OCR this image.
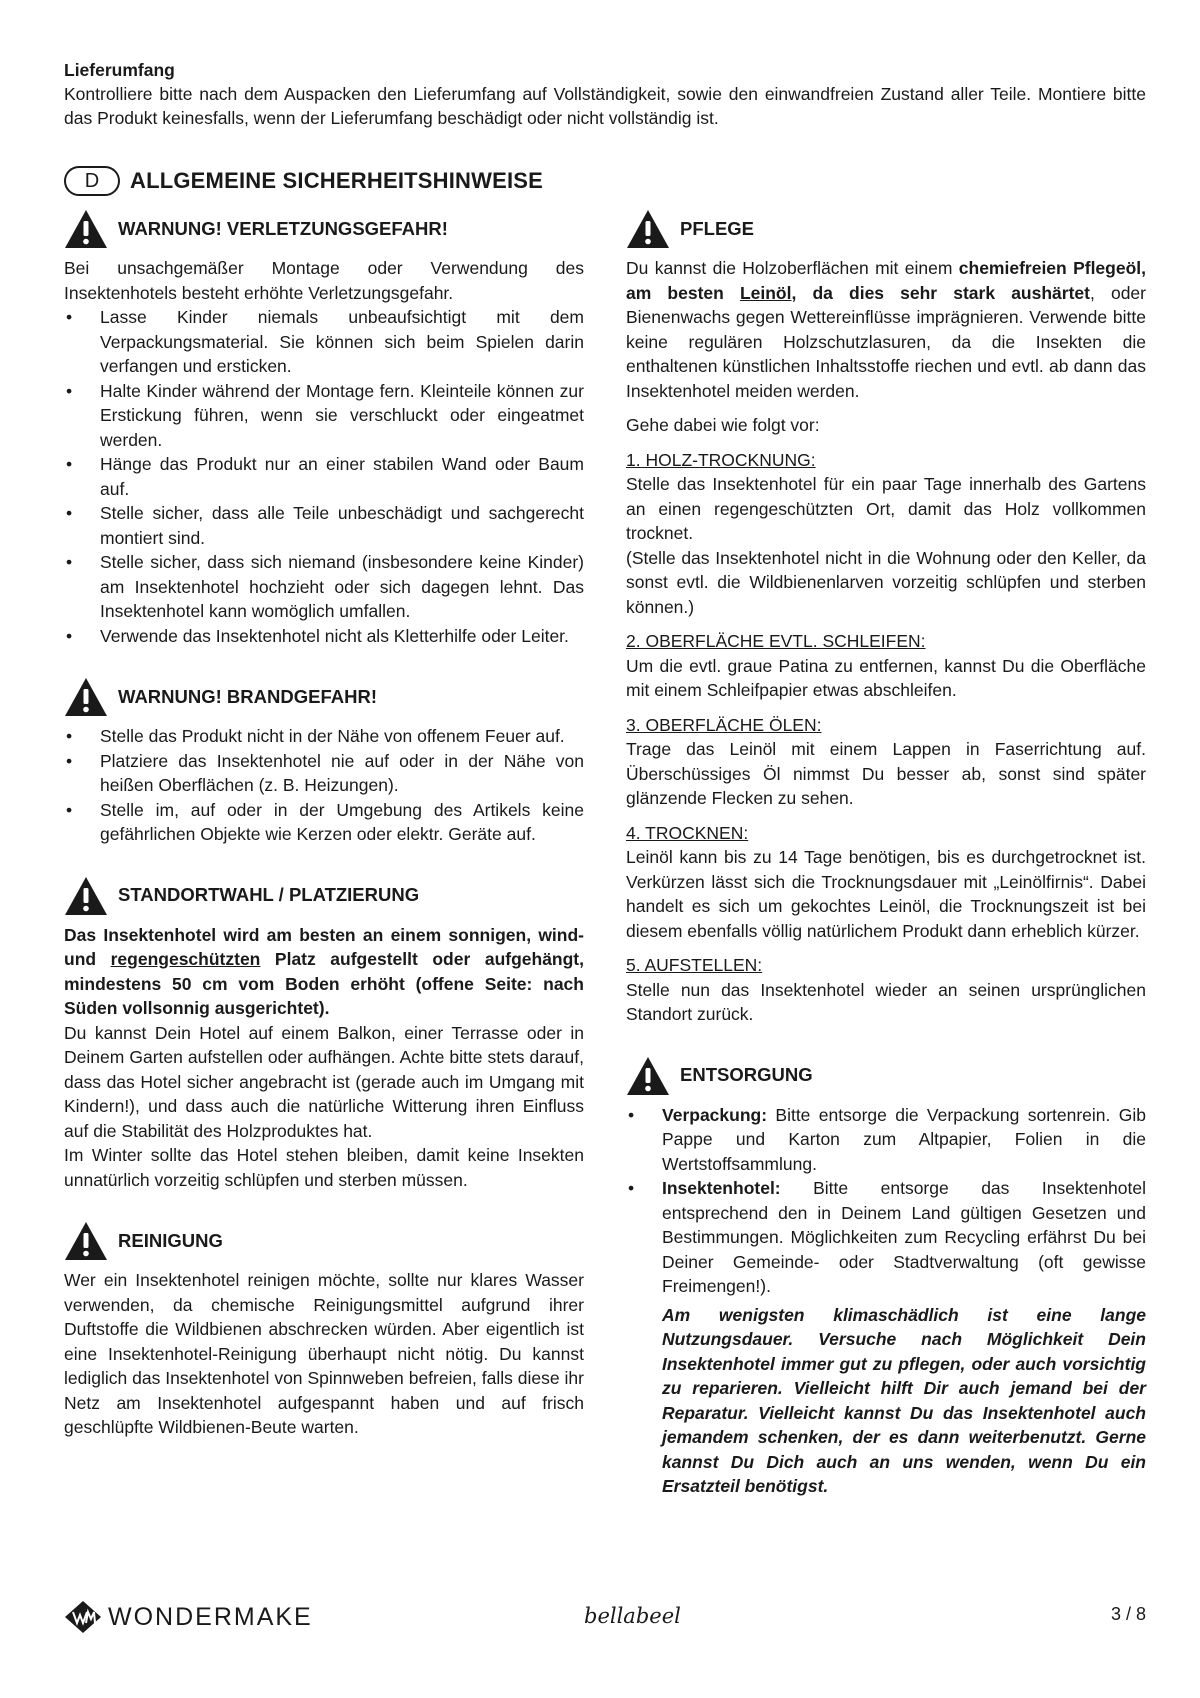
Lieferumfang

Kontrolliere bitte nach dem Auspacken den Lieferumfang auf Vollständigkeit, sowie den einwandfreien Zustand aller Teile. Montiere bitte das Produkt keinesfalls, wenn der Lieferumfang beschädigt oder nicht vollständig ist.

D	ALLGEMEINE SICHERHEITSHINWEISE
WARNUNG! VERLETZUNGSGEFAHR!

Bei unsachgemäßer Montage oder Verwendung des Insektenhotels besteht erhöhte Verletzungsgefahr.

• Lasse Kinder niemals unbeaufsichtigt mit dem Verpackungsmaterial. Sie können sich beim Spielen darin verfangen und ersticken.
• Halte Kinder während der Montage fern. Kleinteile können zur Erstickung führen, wenn sie verschluckt oder eingeatmet werden.
• Hänge das Produkt nur an einer stabilen Wand oder Baum auf.
• Stelle sicher, dass alle Teile unbeschädigt und sachgerecht montiert sind.
• Stelle sicher, dass sich niemand (insbesondere keine Kinder) am Insektenhotel hochzieht oder sich dagegen lehnt. Das Insektenhotel kann womöglich umfallen.
• Verwende das Insektenhotel nicht als Kletterhilfe oder Leiter.
WARNUNG! BRANDGEFAHR!
• Stelle das Produkt nicht in der Nähe von offenem Feuer auf.
• Platziere das Insektenhotel nie auf oder in der Nähe von heißen Oberflächen (z. B. Heizungen).
• Stelle im, auf oder in der Umgebung des Artikels keine gefährlichen Objekte wie Kerzen oder elektr. Geräte auf.
STANDORTWAHL / PLATZIERUNG

Das Insektenhotel wird am besten an einem sonnigen, wind- und regengeschützten Platz aufgestellt oder aufgehängt, mindestens 50 cm vom Boden erhöht (offene Seite: nach Süden vollsonnig ausgerichtet).

Du kannst Dein Hotel auf einem Balkon, einer Terrasse oder in Deinem Garten aufstellen oder aufhängen. Achte bitte stets darauf, dass das Hotel sicher angebracht ist (gerade auch im Umgang mit Kindern!), und dass auch die natürliche Witterung ihren Einfluss auf die Stabilität des Holzproduktes hat.

Im Winter sollte das Hotel stehen bleiben, damit keine Insekten unnatürlich vorzeitig schlüpfen und sterben müssen.

REINIGUNG

Wer ein Insektenhotel reinigen möchte, sollte nur klares Wasser verwenden, da chemische Reinigungsmittel aufgrund ihrer Duftstoffe die Wildbienen abschrecken würden. Aber eigentlich ist eine Insektenhotel-Reinigung überhaupt nicht nötig. Du kannst lediglich das Insektenhotel von Spinnweben befreien, falls diese ihr Netz am Insektenhotel aufgespannt haben und auf frisch geschlüpfte Wildbienen-Beute warten.

PFLEGE

Du kannst die Holzoberflächen mit einem chemiefreien Pflegeöl, am besten Leinöl, da dies sehr stark aushärtet, oder Bienenwachs gegen Wettereinflüsse imprägnieren. Verwende bitte keine regulären Holzschutzlasuren, da die Insekten die enthaltenen künstlichen Inhaltsstoffe riechen und evtl. ab dann das Insektenhotel meiden werden.

Gehe dabei wie folgt vor:

1. HOLZ-TROCKNUNG:

Stelle das Insektenhotel für ein paar Tage innerhalb des Gartens an einen regengeschützten Ort, damit das Holz vollkommen trocknet.

(Stelle das Insektenhotel nicht in die Wohnung oder den Keller, da sonst evtl. die Wildbienenlarven vorzeitig schlüpfen und sterben können.)

2. OBERFLÄCHE EVTL. SCHLEIFEN:

Um die evtl. graue Patina zu entfernen, kannst Du die Oberfläche mit einem Schleifpapier etwas abschleifen.

3. OBERFLÄCHE ÖLEN:

Trage das Leinöl mit einem Lappen in Faserrichtung auf. Überschüssiges Öl nimmst Du besser ab, sonst sind später glänzende Flecken zu sehen.

4. TROCKNEN:

Leinöl kann bis zu 14 Tage benötigen, bis es durchgetrocknet ist. Verkürzen lässt sich die Trocknungsdauer mit „Leinölfirnis“. Dabei handelt es sich um gekochtes Leinöl, die Trocknungszeit ist bei diesem ebenfalls völlig natürlichem Produkt dann erheblich kürzer.

5. AUFSTELLEN:

Stelle nun das Insektenhotel wieder an seinen ursprünglichen Standort zurück.

ENTSORGUNG
• Verpackung: Bitte entsorge die Verpackung sortenrein. Gib Pappe und Karton zum Altpapier, Folien in die Wertstoffsammlung.
• Insektenhotel: Bitte entsorge das Insektenhotel entsprechend den in Deinem Land gültigen Gesetzen und Bestimmungen. Möglichkeiten zum Recycling erfährst Du bei Deiner Gemeinde- oder Stadtverwaltung (oft gewisse Freimengen!).
Am wenigsten klimaschädlich ist eine lange Nutzungsdauer. Versuche nach Möglichkeit Dein Insektenhotel immer gut zu pflegen, oder auch vorsichtig zu reparieren. Vielleicht hilft Dir auch jemand bei der Reparatur. Vielleicht kannst Du das Insektenhotel auch jemandem schenken, der es dann weiterbenutzt. Gerne kannst Du Dich auch an uns wenden, wenn Du ein Ersatzteil benötigst.
WONDERMAKE	bellabeel	3 / 8
